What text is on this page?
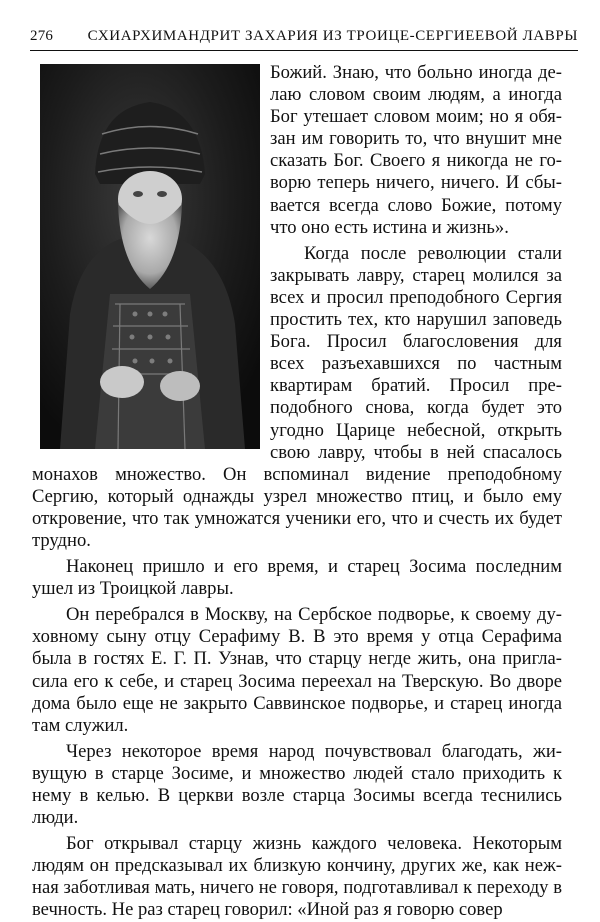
276 СХИАРХИМАНДРИТ ЗАХАРИЯ ИЗ ТРОИЦЕ-СЕРГИЕЕВОЙ ЛАВРЫ

Божий. Знаю, что больно иногда делаю словом своим людям, а иногда Бог утешает словом моим; но я обязан им говорить то, что внушит мне сказать Бог. Своего я никогда не говорю теперь ничего, ничего. И сбывается всегда слово Божие, потому что оно есть истина и жизнь».

Когда после революции стали закрывать лавру, старец молился за всех и просил преподобного Сергия простить тех, кто нарушил заповедь Бога. Просил благословения для всех разъехавшихся по частным квартирам братий. Просил преподобного снова, когда будет это угодно Царице небесной, открыть свою лавру, чтобы в ней спасалось монахов множество. Он вспоминал видение преподобному Сергию, который однажды узрел множество птиц, и было ему откровение, что так умножатся ученики его, что и счесть их будет трудно.

Наконец пришло и его время, и старец Зосима последним ушел из Троицкой лавры.

Он перебрался в Москву, на Сербское подворье, к своему духовному сыну отцу Серафиму В. В это время у отца Серафима была в гостях Е. Г. П. Узнав, что старцу негде жить, она пригласила его к себе, и старец Зосима переехал на Тверскую. Во дворе дома было еще не закрыто Саввинское подворье, и старец иногда там служил.

Через некоторое время народ почувствовал благодать, живущую в старце Зосиме, и множество людей стало приходить к нему в келью. В церкви возле старца Зосимы всегда теснились люди.

Бог открывал старцу жизнь каждого человека. Некоторым людям он предсказывал их близкую кончину, других же, как нежная заботливая мать, ничего не говоря, подготавливал к переходу в вечность. Не раз старец говорил: «Иной раз я говорю совер
